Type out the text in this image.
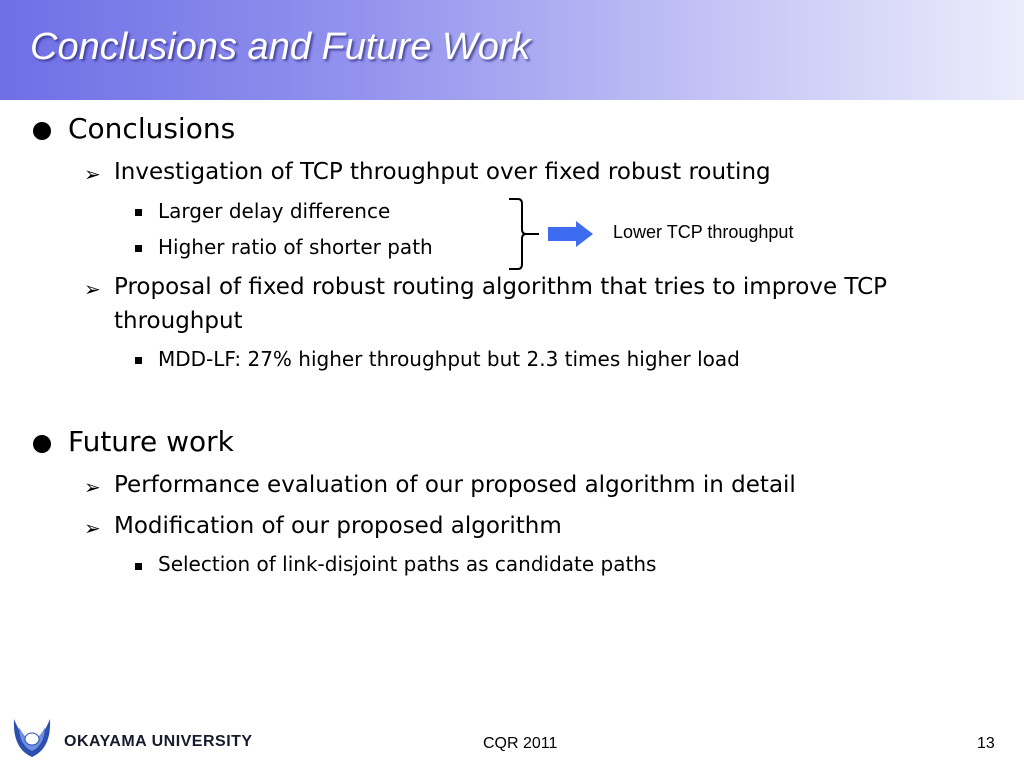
Conclusions and Future Work
Conclusions
➢ Investigation of TCP throughput over fixed robust routing
Larger delay difference
Higher ratio of shorter path
Lower TCP throughput
➢ Proposal of fixed robust routing algorithm that tries to improve TCP
throughput
MDD-LF: 27% higher throughput but 2.3 times higher load
Future work
➢ Performance evaluation of our proposed algorithm in detail
➢ Modification of our proposed algorithm
Selection of link-disjoint paths as candidate paths
OKAYAMA UNIVERSITY	CQR 2011	13
